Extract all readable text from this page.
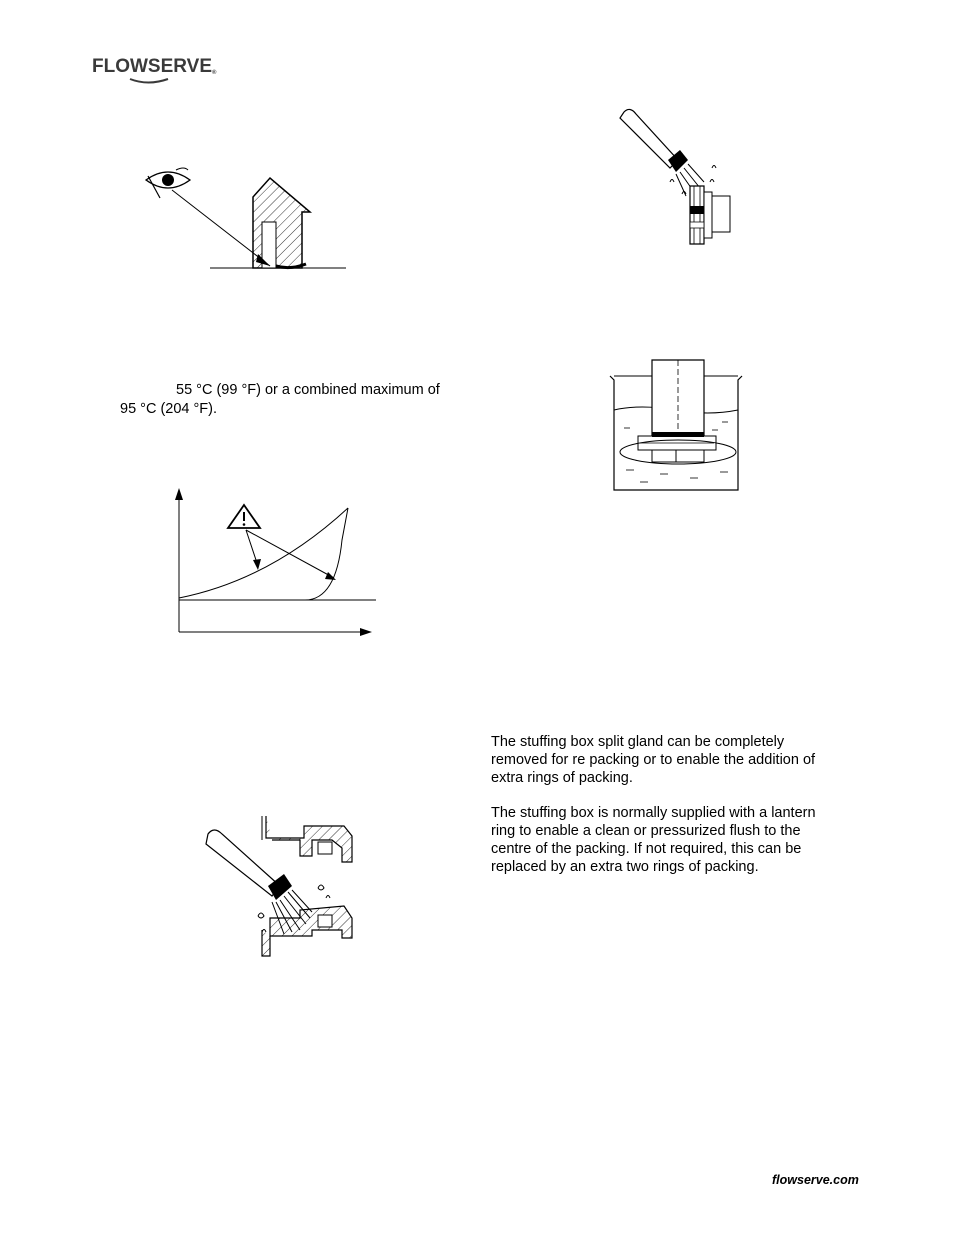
FLOWSERVE®
55 °C (99 °F) or a combined maximum of
95 °C (204 °F).
The stuffing box split gland can be completely
removed for re packing or to enable the addition of
extra rings of packing.
The stuffing box is normally supplied with a lantern
ring to enable a clean or pressurized flush to the
centre of the packing. If not required, this can be
replaced by an extra two rings of packing.
flowserve.com
